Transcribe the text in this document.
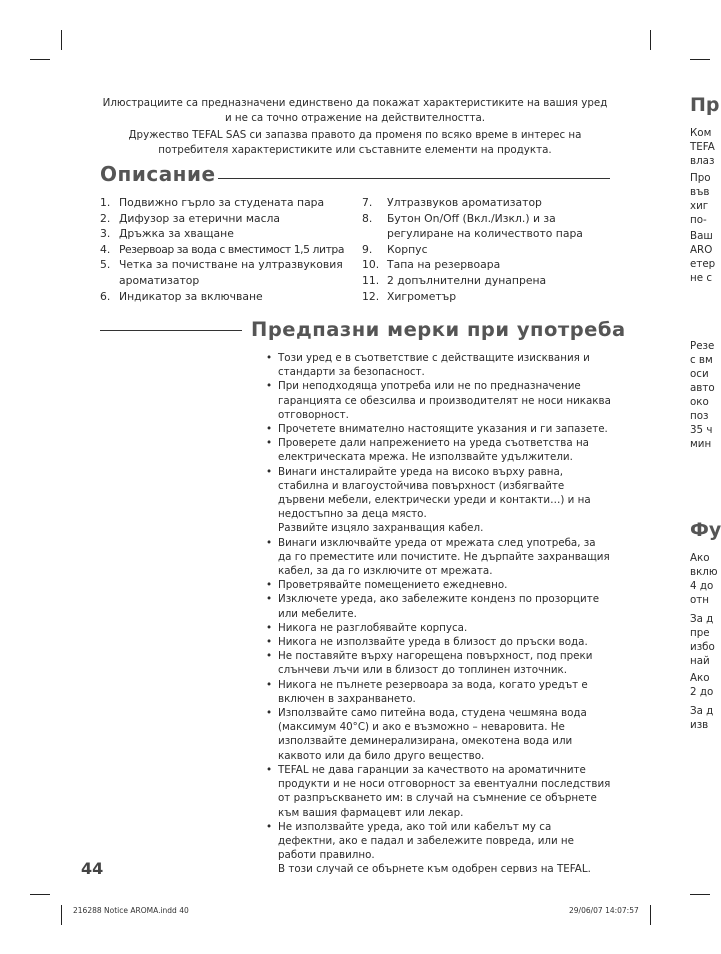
Илюстрациите са предназначени единствено да покажат характеристиките на вашия уред и не са точно отражение на действителността.

Дружество TEFAL SAS си запазва правото да променя по всяко време в интерес на потребителя характеристиките или съставните елементи на продукта.

Описание
1. Подвижно гърло за студената пара
2. Дифузор за етерични масла
3. Дръжка за хващане
4. Резервоар за вода с вместимост 1,5 литра
5. Четка за почистване на ултразвуковия ароматизатор
6. Индикатор за включване
7.	Ултразвуков ароматизатор
8.	Бутон On/Off (Вкл./Изкл.) и за регулиране на количеството пара
9.	Корпус
10. Тапа на резервоара
11. 2 допълнителни дунапрена
12. Хигрометър
Предпазни мерки при употреба
• Този уред е в съответствие с действащите изисквания и стандарти за безопасност.
• При неподходяща употреба или не по предназначение гаранцията се обезсилва и производителят не носи никаква отговорност.
• Прочетете внимателно настоящите указания и ги запазете.
• Проверете дали напрежението на уреда съответства на електрическата мрежа. Не използвайте удължители.
• Винаги инсталирайте уреда на високо върху равна, стабилна и влагоустойчива повърхност (избягвайте дървени мебели, електрически уреди и контакти…) и на недостъпно за деца място.
Развийте изцяло захранващия кабел.
• Винаги изключвайте уреда от мрежата след употреба, за да го преместите или почистите. Не дърпайте захранващия кабел, за да го изключите от мрежата.
• Проветрявайте помещението ежедневно.
• Изключете уреда, ако забележите конденз по прозорците или мебелите.
• Никога не разглобявайте корпуса.
• Никога не използвайте уреда в близост до пръски вода.
• Не поставяйте върху нагорещена повърхност, под преки слънчеви лъчи или в близост до топлинен източник.
• Никога не пълнете резервоара за вода, когато уредът е включен в захранването.
• Използвайте само питейна вода, студена чешмяна вода (максимум 40°С) и ако е възможно – неваровита. Не използвайте деминерализирана, омекотена вода или каквото или да било друго вещество.
• TEFAL не дава гаранции за качеството на ароматичните продукти и не носи отговорност за евентуални последствия от разпръскването им: в случай на съмнение се обърнете към вашия фармацевт или лекар.
• Не използвайте уреда, ако той или кабелът му са дефектни, ако е падал и забележите повреда, или не работи правилно.
В този случай се обърнете към одобрен сервиз на TEFAL.
44
Пр
Ком
TEFA
влаз
Про
във
хиг
по-
Ваш
ARO
етер
не с
Резе
с вм
оси
авто
око
поз
35 ч
мин
Фу
Ако
вклю
4 до
отн
За д
пре
избо
най
Ако
2 до
За д
изв
216288 Notice AROMA.indd 40	29/06/07 14:07:57
